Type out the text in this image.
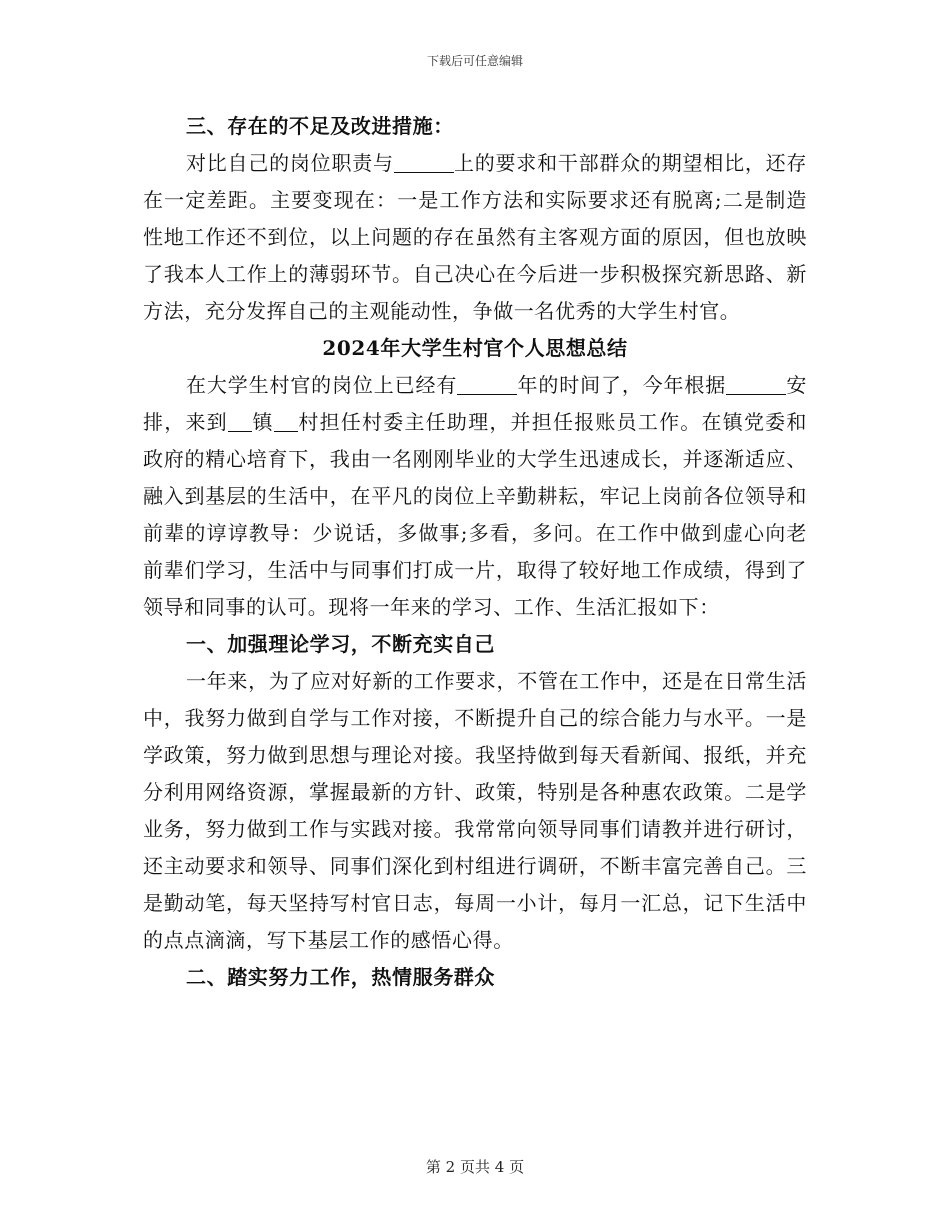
下载后可任意编辑

三、存在的不足及改进措施：

对比自己的岗位职责与	上的要求和干部群众的期望相比，还存在一定差距。主要变现在：一是工作方法和实际要求还有脱离;二是制造性地工作还不到位，以上问题的存在虽然有主客观方面的原因，但也放映了我本人工作上的薄弱环节。自己决心在今后进一步积极探究新思路、新方法，充分发挥自己的主观能动性，争做一名优秀的大学生村官。

2024年大学生村官个人思想总结

在大学生村官的岗位上已经有	年的时间了，今年根据	安排，来到 镇 村担任村委主任助理，并担任报账员工作。在镇党委和政府的精心培育下，我由一名刚刚毕业的大学生迅速成长，并逐渐适应、融入到基层的生活中，在平凡的岗位上辛勤耕耘，牢记上岗前各位领导和前辈的谆谆教导：少说话，多做事;多看，多问。在工作中做到虚心向老前辈们学习，生活中与同事们打成一片，取得了较好地工作成绩，得到了领导和同事的认可。现将一年来的学习、工作、生活汇报如下：

一、加强理论学习，不断充实自己

一年来，为了应对好新的工作要求，不管在工作中，还是在日常生活中，我努力做到自学与工作对接，不断提升自己的综合能力与水平。一是学政策，努力做到思想与理论对接。我坚持做到每天看新闻、报纸，并充分利用网络资源，掌握最新的方针、政策，特别是各种惠农政策。二是学业务，努力做到工作与实践对接。我常常向领导同事们请教并进行研讨，还主动要求和领导、同事们深化到村组进行调研，不断丰富完善自己。三是勤动笔，每天坚持写村官日志，每周一小计，每月一汇总，记下生活中的点点滴滴，写下基层工作的感悟心得。

二、踏实努力工作，热情服务群众

第 2 页共 4 页
